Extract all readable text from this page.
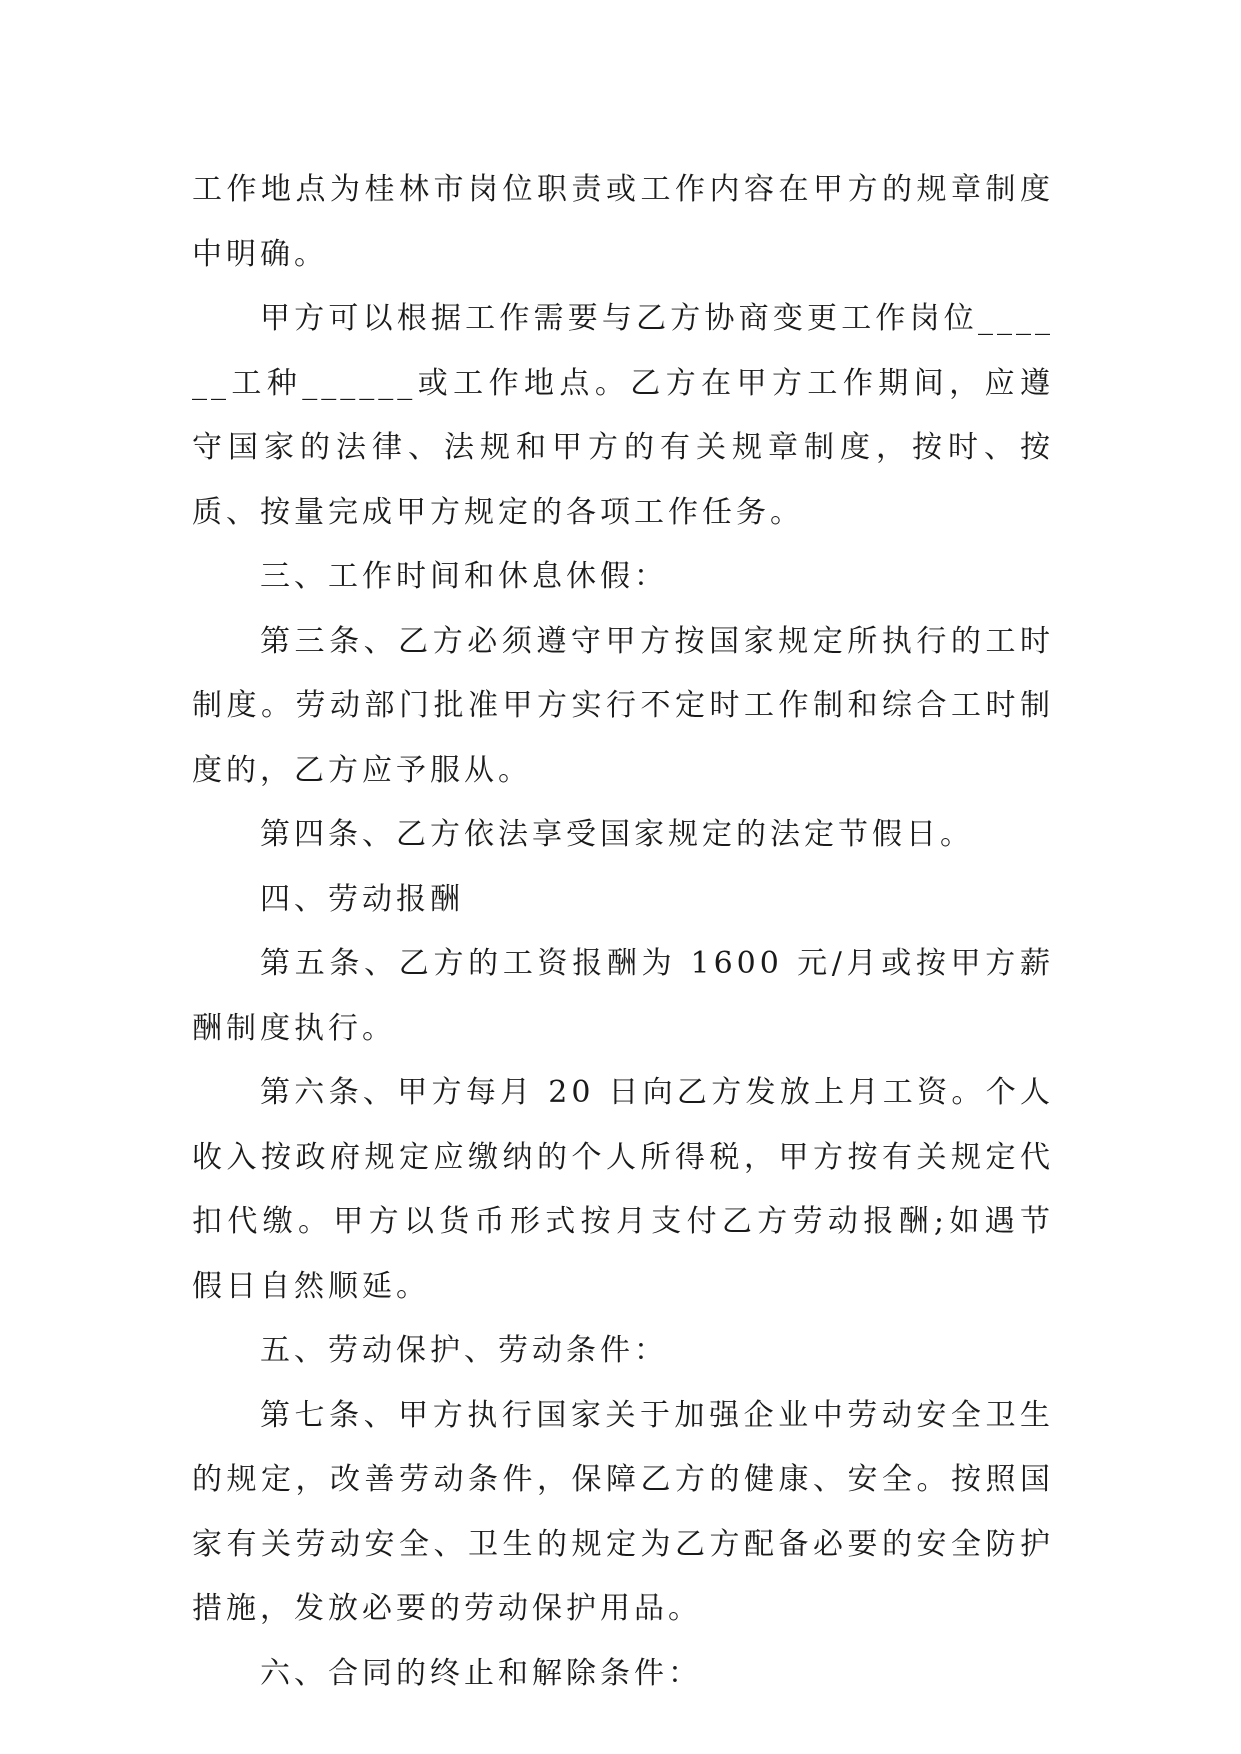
工作地点为桂林市岗位职责或工作内容在甲方的规章制度中明确。

甲方可以根据工作需要与乙方协商变更工作岗位______工种______或工作地点。乙方在甲方工作期间，应遵守国家的法律、法规和甲方的有关规章制度，按时、按质、按量完成甲方规定的各项工作任务。

三、工作时间和休息休假：

第三条、乙方必须遵守甲方按国家规定所执行的工时制度。劳动部门批准甲方实行不定时工作制和综合工时制度的，乙方应予服从。

第四条、乙方依法享受国家规定的法定节假日。

四、劳动报酬

第五条、乙方的工资报酬为 1600 元/月或按甲方薪酬制度执行。

第六条、甲方每月 20 日向乙方发放上月工资。个人收入按政府规定应缴纳的个人所得税，甲方按有关规定代扣代缴。甲方以货币形式按月支付乙方劳动报酬;如遇节假日自然顺延。

五、劳动保护、劳动条件：

第七条、甲方执行国家关于加强企业中劳动安全卫生的规定，改善劳动条件，保障乙方的健康、安全。按照国家有关劳动安全、卫生的规定为乙方配备必要的安全防护措施，发放必要的劳动保护用品。

六、合同的终止和解除条件：
